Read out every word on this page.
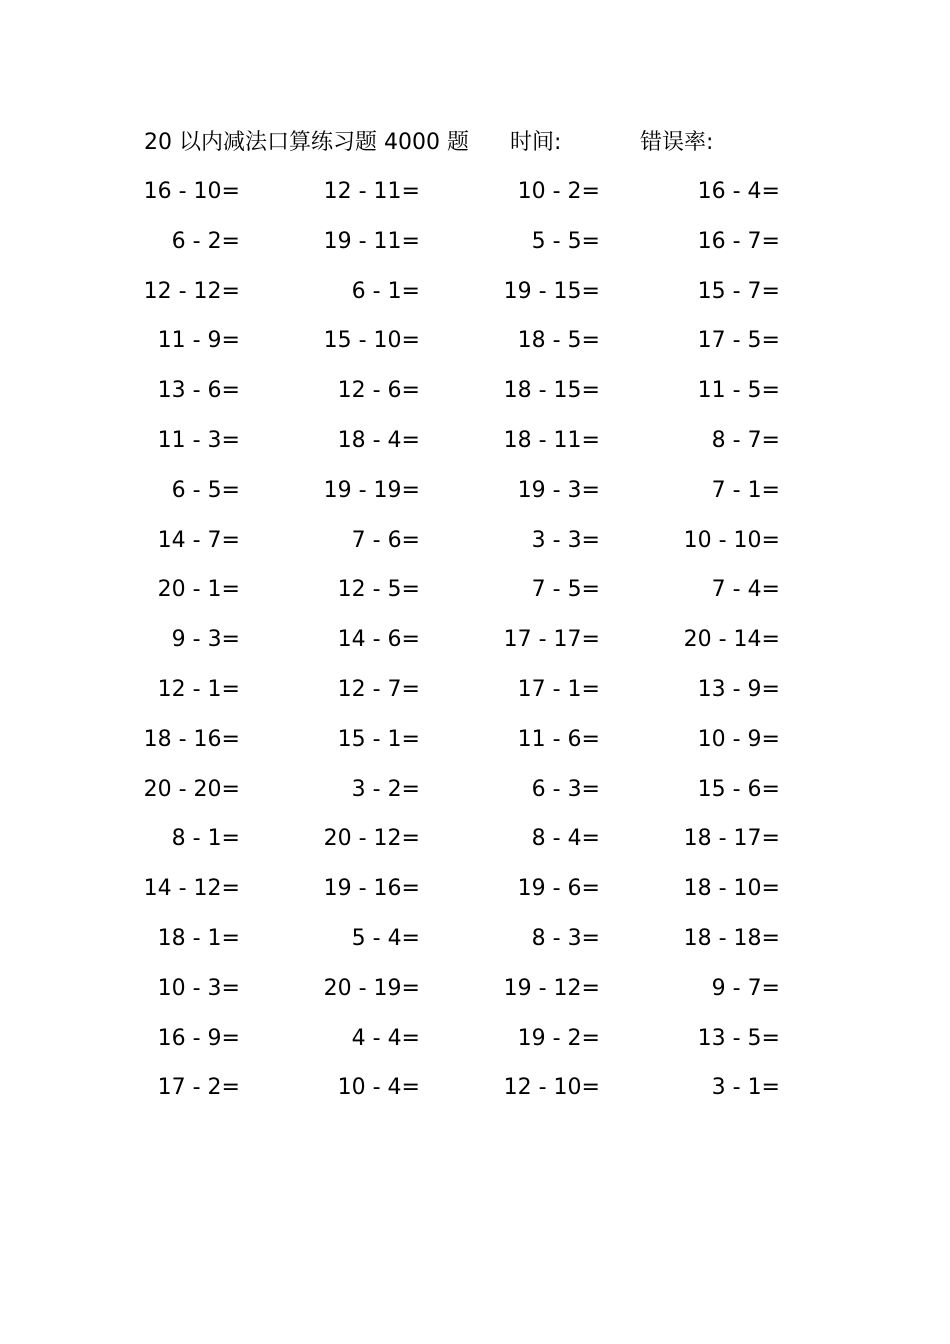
20 以内减法口算练习题 4000 题 时间:	错误率:
16 - 10=	12 - 11=	10 - 2=	16 - 4=
6 - 2=	19 - 11=	5 - 5=	16 - 7=
12 - 12=	6 - 1=	19 - 15=	15 - 7=
11 - 9=	15 - 10=	18 - 5=	17 - 5=
13 - 6=	12 - 6=	18 - 15=	11 - 5=
11 - 3=	18 - 4=	18 - 11=	8 - 7=
6 - 5=	19 - 19=	19 - 3=	7 - 1=
14 - 7=	7 - 6=	3 - 3=	10 - 10=
20 - 1=	12 - 5=	7 - 5=	7 - 4=
9 - 3=	14 - 6=	17 - 17=	20 - 14=
12 - 1=	12 - 7=	17 - 1=	13 - 9=
18 - 16=	15 - 1=	11 - 6=	10 - 9=
20 - 20=	3 - 2=	6 - 3=	15 - 6=
8 - 1=	20 - 12=	8 - 4=	18 - 17=
14 - 12=	19 - 16=	19 - 6=	18 - 10=
18 - 1=	5 - 4=	8 - 3=	18 - 18=
10 - 3=	20 - 19=	19 - 12=	9 - 7=
16 - 9=	4 - 4=	19 - 2=	13 - 5=
17 - 2=	10 - 4=	12 - 10=	3 - 1=
